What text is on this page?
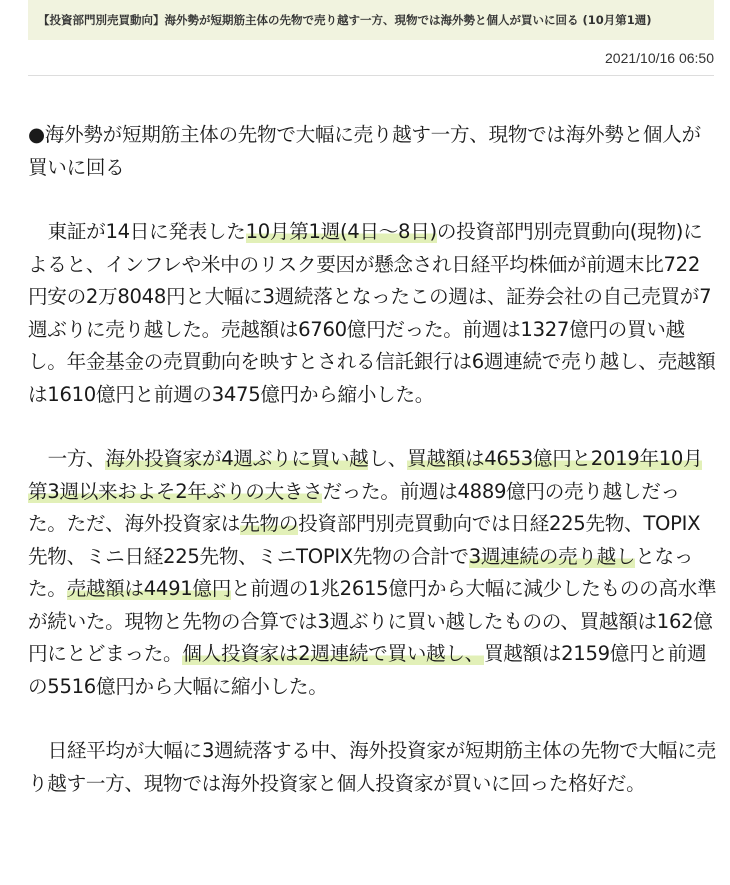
【投資部門別売買動向】海外勢が短期筋主体の先物で売り越す一方、現物では海外勢と個人が買いに回る (10月第1週)
2021/10/16 06:50

●海外勢が短期筋主体の先物で大幅に売り越す一方、現物では海外勢と個人が買いに回る

東証が14日に発表した10月第1週(4日〜8日)の投資部門別売買動向(現物)によると、インフレや米中のリスク要因が懸念され日経平均株価が前週末比722円安の2万8048円と大幅に3週続落となったこの週は、証券会社の自己売買が7週ぶりに売り越した。売越額は6760億円だった。前週は1327億円の買い越し。年金基金の売買動向を映すとされる信託銀行は6週連続で売り越し、売越額は1610億円と前週の3475億円から縮小した。

一方、海外投資家が4週ぶりに買い越し、買越額は4653億円と2019年10月第3週以来およそ2年ぶりの大きさだった。前週は4889億円の売り越しだった。ただ、海外投資家は先物の投資部門別売買動向では日経225先物、TOPIX先物、ミニ日経225先物、ミニTOPIX先物の合計で3週連続の売り越しとなった。売越額は4491億円と前週の1兆2615億円から大幅に減少したものの高水準が続いた。現物と先物の合算では3週ぶりに買い越したものの、買越額は162億円にとどまった。個人投資家は2週連続で買い越し、買越額は2159億円と前週の5516億円から大幅に縮小した。

日経平均が大幅に3週続落する中、海外投資家が短期筋主体の先物で大幅に売り越す一方、現物では海外投資家と個人投資家が買いに回った格好だ。
